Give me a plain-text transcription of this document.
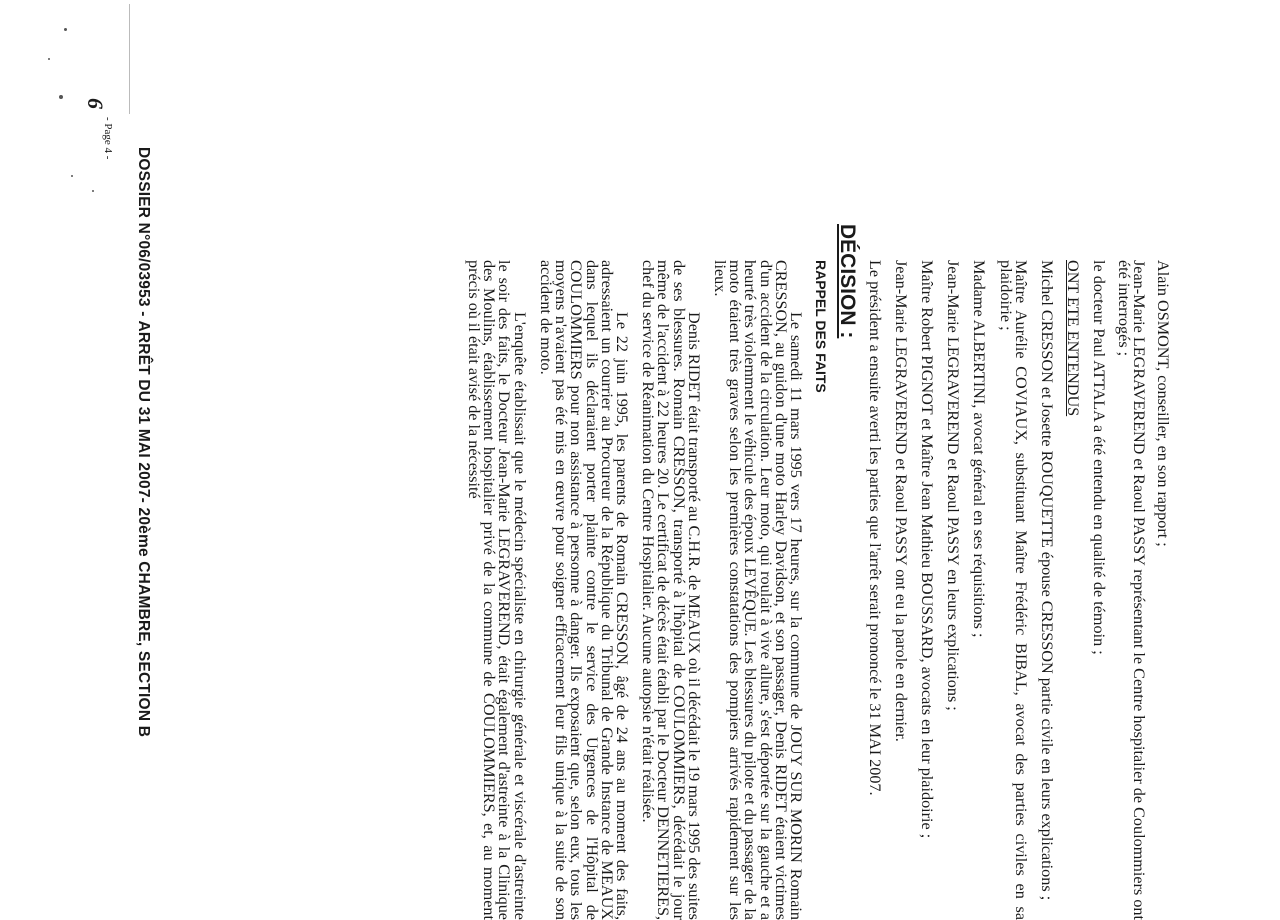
Alain OSMONT, conseiller, en son rapport ;

Jean-Marie LEGRAVEREND et Raoul PASSY représentant le Centre hospitalier de Coulommiers ont été interrogés ;

le docteur Paul ATTALA a été entendu en qualité de témoin ;

ONT ETE ENTENDUS

Michel CRESSON et Josette ROUQUETTE épouse CRESSON partie civile en leurs explications ;

Maître Aurélie COVIAUX, substituant Maître Frédéric BIBAL, avocat des parties civiles en sa plaidoirie ;

Madame ALBERTINI, avocat général en ses réquisitions ;

Jean-Marie LEGRAVEREND et Raoul PASSY en leurs explications ;

Maître Robert PIGNOT et Maître Jean Mathieu BOUSSARD, avocats en leur plaidoirie ;

Jean-Marie LEGRAVEREND et Raoul PASSY ont eu la parole en dernier.

Le président a ensuite averti les parties que l'arrêt serait prononcé le 31 MAI 2007.

DÉCISION :

RAPPEL DES FAITS

Le samedi 11 mars 1995 vers 17 heures, sur la commune de JOUY SUR MORIN Romain CRESSON, au guidon d'une moto Harley Davidson, et son passager, Denis RIDET étaient victimes d'un accident de la circulation. Leur moto, qui roulait à vive allure, s'est déportée sur la gauche et a heurté très violemment le véhicule des époux LEVÊQUE. Les blessures du pilote et du passager de la moto étaient très graves selon les premières constatations des pompiers arrivés rapidement sur les lieux.

Denis RIDET était transporté au C.H.R. de MEAUX où il décédait le 19 mars 1995 des suites de ses blessures. Romain CRESSON, transporté à l'hôpital de COULOMMIERS, décédait le jour même de l'accident à 22 heures 20. Le certificat de décès était établi par le Docteur DENNETIERES, chef du service de Réanimation du Centre Hospitalier. Aucune autopsie n'était réalisée.

Le 22 juin 1995, les parents de Romain CRESSON, âgé de 24 ans au moment des faits, adressaient un courrier au Procureur de la République du Tribunal de Grande Instance de MEAUX dans lequel ils déclaraient porter plainte contre le service des Urgences de l'Hôpital de COULOMMIERS pour non assistance à personne à danger. Ils exposaient que, selon eux, tous les moyens n'avaient pas été mis en œuvre pour soigner efficacement leur fils unique à la suite de son accident de moto.

L'enquête établissait que le médecin spécialiste en chirurgie générale et viscérale d'astreinte le soir des faits, le Docteur Jean-Marie LEGRAVEREND, était également d'astreinte à la Clinique des Moulins, établissement hospitalier privé de la commune de COULOMMIERS, et, au moment précis où il était avisé de la nécessité

DOSSIER N°06/03953 - ARRÊT DU 31 MAI 2007- 20ème CHAMBRE, SECTION B
- Page 4 -
6
